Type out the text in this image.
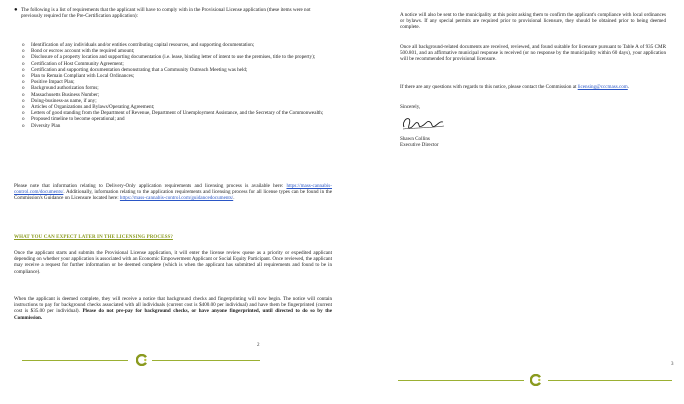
● The following is a list of requirements that the applicant will have to comply with in the Provisional License application (these items were not previously required for the Pre-Certification application):
o	Identification of any individuals and/or entities contributing capital resources, and supporting documentation;
o	Bond or escrow account with the required amount;
o	Disclosure of a property location and supporting documentation (i.e. lease, binding letter of intent to use the premises, title to the property);
o	Certification of Host Community Agreement;
o	Certification and supporting documentation demonstrating that a Community Outreach Meeting was held;
o	Plan to Remain Compliant with Local Ordinances;
o	Positive Impact Plan;
o	Background authorization forms;
o	Massachusetts Business Number;
o	Doing-business-as name, if any;
o	Articles of Organizations and Bylaws/Operating Agreement;
o	Letters of good standing from the Department of Revenue, Department of Unemployment Assistance, and the Secretary of the Commonwealth;
o	Proposed timeline to become operational; and
o	Diversity Plan
Please note that information relating to Delivery-Only application requirements and licensing process is available here: https://mass-cannabis-control.com/documents/. Additionally, information relating to the application requirements and licensing process for all license types can be found in the Commission's Guidance on Licensure located here: https://mass-cannabis-control.com/guidancedocuments/.
WHAT YOU CAN EXPECT LATER IN THE LICENSING PROCESS?
Once the applicant starts and submits the Provisional License application, it will enter the license review queue as a priority or expedited applicant depending on whether your application is associated with an Economic Empowerment Applicant or Social Equity Participant. Once reviewed, the applicant may receive a request for further information or be deemed complete (which is when the applicant has submitted all requirements and found to be in compliance).
When the applicant is deemed complete, they will receive a notice that background checks and fingerprinting will now begin. The notice will contain instructions to pay for background checks associated with all individuals (current cost is $400.00 per individual) and have them be fingerprinted (current cost is $35.00 per individual). Please do not pre-pay for background checks, or have anyone fingerprinted, until directed to do so by the Commission.
2
A notice will also be sent to the municipality at this point asking them to confirm the applicant's compliance with local ordinances or bylaws. If any special permits are required prior to provisional licensure, they should be obtained prior to being deemed complete.
Once all background-related documents are received, reviewed, and found suitable for licensure pursuant to Table A of 935 CMR 500.801, and an affirmative municipal response is received (or no response by the municipality within 60 days), your application will be recommended for provisional licensure.
If there are any questions with regards to this notice, please contact the Commission at licensing@cccmass.com.
Sincerely,
Shawn Collins
Executive Director
3
